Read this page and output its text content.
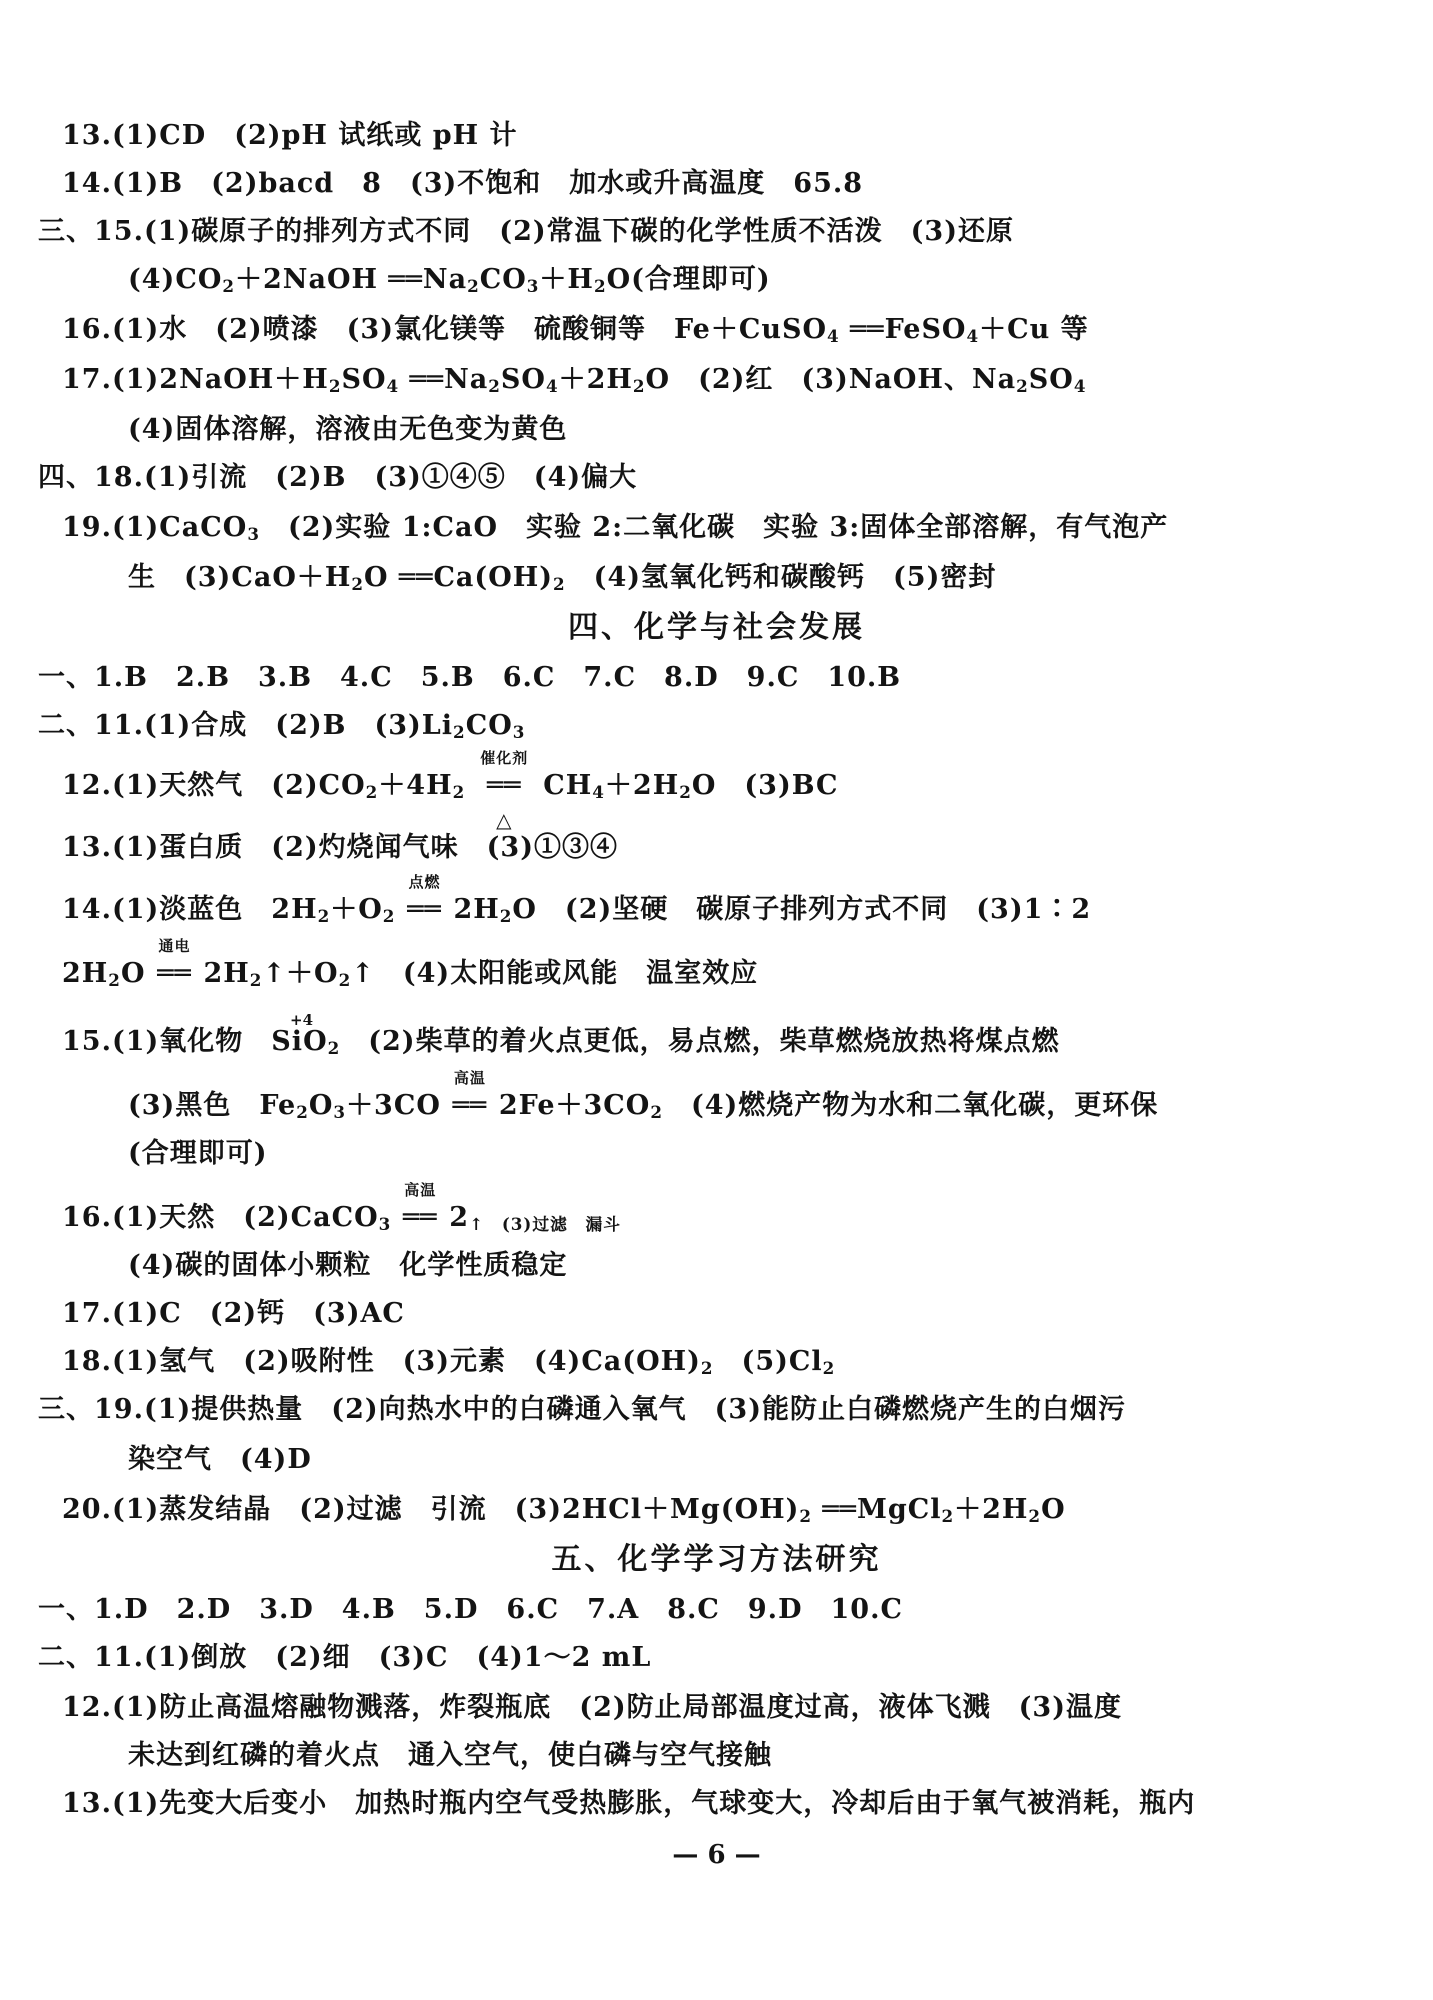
13.(1)CD　(2)pH 试纸或 pH 计
14.(1)B　(2)bacd　8　(3)不饱和　加水或升高温度　65.8
三、15.(1)碳原子的排列方式不同　(2)常温下碳的化学性质不活泼　(3)还原
$(4)CO_2+2NaOH$ $══Na_2CO_3+H_2O$(合理即可)
16.(1)水　(2)喷漆　(3)氯化镁等　硫酸铜等　Fe＋CuSO$_4$ ══FeSO$_4$＋Cu 等
$17.(1)2NaOH+H_2SO_4$ $══Na_2SO_4+2H_2O$　(2)红　(3)NaOH、$Na_2SO_4$
(4)固体溶解，溶液由无色变为黄色
四、18.(1)引流　(2)B　(3)①④⑤　(4)偏大
19.(1)CaCO$_3$　(2)实验 1:CaO　实验 2:二氧化碳　实验 3:固体全部溶解，有气泡产
生　$(3)CaO+H_2O$ $══Ca(OH)_2$　(4)氢氧化钙和碳酸钙　(5)密封
四、化学与社会发展
一、1.B　2.B　3.B　4.C　5.B　6.C　7.C　8.D　9.C　10.B
二、11.(1)合成　(2)B　$(3)Li_2CO_3$
12.(1)天然气　$(2)CO_2+4H_2$
催化剂
══
△
$CH_4+2H_2O$　(3)BC
13.(1)蛋白质　(2)灼烧闻气味　(3)①③④
14.(1)淡蓝色　$2H_2+O_2$
点燃
══ $2H_2O$　(2)坚硬　碳原子排列方式不同　(3)1∶2
$2H_2O$
通电
══ $2H_2↑+O_2↑$　(4)太阳能或风能　温室效应
15.(1)氧化物　SiO$_2$　(2)柴草的着火点更低，易点燃，柴草燃烧放热将煤点燃
+4
(3)黑色　$Fe_2O_3+3CO$
高温
══ $2Fe+3CO_2$　(4)燃烧产物为水和二氧化碳，更环保
(合理即可)
16.(1)天然　(2)CaCO$_3$
高温
══ $2_{↑ (3)过滤 漏斗}$
(4)碳的固体小颗粒　化学性质稳定
17.(1)C　(2)钙　(3)AC
18.(1)氢气　(2)吸附性　(3)元素　$(4)Ca(OH)_2$　$(5)Cl_2$
三、19.(1)提供热量　(2)向热水中的白磷通入氧气　(3)能防止白磷燃烧产生的白烟污
染空气　(4)D
20.(1)蒸发结晶　(2)过滤　引流　$(3)2HCl+Mg(OH)_2$ $══MgCl_2+2H_2O$
五、化学学习方法研究
一、1.D　2.D　3.D　4.B　5.D　6.C　7.A　8.C　9.D　10.C
二、11.(1)倒放　(2)细　(3)C　(4)1～2 mL
12.(1)防止高温熔融物溅落，炸裂瓶底　(2)防止局部温度过高，液体飞溅　(3)温度
未达到红磷的着火点　通入空气，使白磷与空气接触
13.(1)先变大后变小　加热时瓶内空气受热膨胀，气球变大，冷却后由于氧气被消耗，瓶内
— 6 —
